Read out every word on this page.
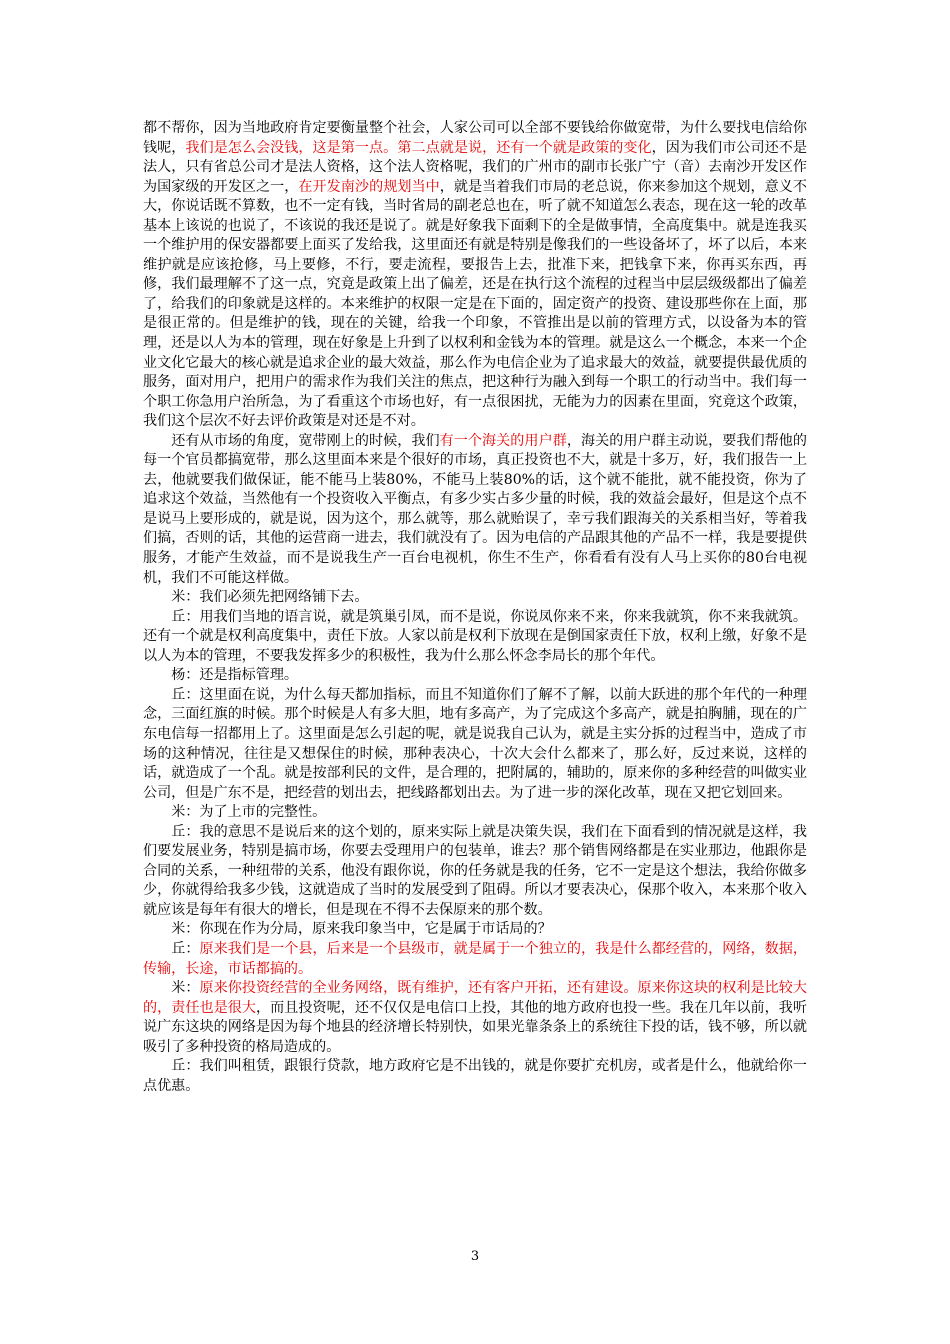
都不帮你，因为当地政府肯定要衡量整个社会，人家公司可以全部不要钱给你做宽带，为什么要找电信给你钱呢，我们是怎么会没钱，这是第一点。第二点就是说，还有一个就是政策的变化，因为我们市公司还不是法人，只有省总公司才是法人资格，这个法人资格呢，我们的广州市的副市长张广宁（音）去南沙开发区作为国家级的开发区之一，在开发南沙的规划当中，就是当着我们市局的老总说，你来参加这个规划，意义不大，你说话既不算数，也不一定有钱，当时省局的副老总也在，听了就不知道怎么表态，现在这一轮的改革基本上该说的也说了，不该说的我还是说了。就是好象我下面剩下的全是做事情，全高度集中。就是连我买一个维护用的保安器都要上面买了发给我，这里面还有就是特别是像我们的一些设备坏了，坏了以后，本来维护就是应该抢修，马上要修，不行，要走流程，要报告上去，批准下来，把钱拿下来，你再买东西，再修，我们最理解不了这一点，究竟是政策上出了偏差，还是在执行这个流程的过程当中层层级级都出了偏差了，给我们的印象就是这样的。本来维护的权限一定是在下面的，固定资产的投资、建设那些你在上面，那是很正常的。但是维护的钱，现在的关键，给我一个印象，不管推出是以前的管理方式，以设备为本的管理，还是以人为本的管理，现在好象是上升到了以权利和金钱为本的管理。就是这么一个概念，本来一个企业文化它最大的核心就是追求企业的最大效益，那么作为电信企业为了追求最大的效益，就要提供最优质的服务，面对用户，把用户的需求作为我们关注的焦点，把这种行为融入到每一个职工的行动当中。我们每一个职工你急用户治所急，为了看重这个市场也好，有一点很困扰，无能为力的因素在里面，究竟这个政策，我们这个层次不好去评价政策是对还是不对。

还有从市场的角度，宽带刚上的时候，我们有一个海关的用户群，海关的用户群主动说，要我们帮他的每一个官员都搞宽带，那么这里面本来是个很好的市场，真正投资也不大，就是十多万，好，我们报告一上去，他就要我们做保证，能不能马上装80%，不能马上装80%的话，这个就不能批，就不能投资，你为了追求这个效益，当然他有一个投资收入平衡点，有多少实占多少量的时候，我的效益会最好，但是这个点不是说马上要形成的，就是说，因为这个，那么就等，那么就贻误了，幸亏我们跟海关的关系相当好，等着我们搞，否则的话，其他的运营商一进去，我们就没有了。因为电信的产品跟其他的产品不一样，我是要提供服务，才能产生效益，而不是说我生产一百台电视机，你生不生产，你看看有没有人马上买你的80台电视机，我们不可能这样做。

米：我们必须先把网络铺下去。

丘：用我们当地的语言说，就是筑巢引凤，而不是说，你说凤你来不来，你来我就筑，你不来我就筑。还有一个就是权利高度集中，责任下放。人家以前是权利下放现在是倒国家责任下放，权利上缴，好象不是以人为本的管理，不要我发挥多少的积极性，我为什么那么怀念李局长的那个年代。

杨：还是指标管理。

丘：这里面在说，为什么每天都加指标，而且不知道你们了解不了解，以前大跃进的那个年代的一种理念，三面红旗的时候。那个时候是人有多大胆，地有多高产，为了完成这个多高产，就是拍胸脯，现在的广东电信每一招都用上了。这里面是怎么引起的呢，就是说我自己认为，就是主实分拆的过程当中，造成了市场的这种情况，往往是又想保住的时候，那种表决心，十次大会什么都来了，那么好，反过来说，这样的话，就造成了一个乱。就是按部利民的文件，是合理的，把附属的，辅助的，原来你的多种经营的叫做实业公司，但是广东不是，把经营的划出去，把线路都划出去。为了进一步的深化改革，现在又把它划回来。

米：为了上市的完整性。

丘：我的意思不是说后来的这个划的，原来实际上就是决策失误，我们在下面看到的情况就是这样，我们要发展业务，特别是搞市场，你要去受理用户的包装单，谁去？那个销售网络都是在实业那边，他跟你是合同的关系，一种纽带的关系，他没有跟你说，你的任务就是我的任务，它不一定是这个想法，我给你做多少，你就得给我多少钱，这就造成了当时的发展受到了阻碍。所以才要表决心，保那个收入，本来那个收入就应该是每年有很大的增长，但是现在不得不去保原来的那个数。

米：你现在作为分局，原来我印象当中，它是属于市话局的？

丘：原来我们是一个县，后来是一个县级市，就是属于一个独立的，我是什么都经营的，网络，数据，传输，长途，市话都搞的。

米：原来你投资经营的全业务网络，既有维护，还有客户开拓，还有建设。原来你这块的权利是比较大的，责任也是很大，而且投资呢，还不仅仅是电信口上投，其他的地方政府也投一些。我在几年以前，我听说广东这块的网络是因为每个地县的经济增长特别快，如果光靠条条上的系统往下投的话，钱不够，所以就吸引了多种投资的格局造成的。

丘：我们叫租赁，跟银行贷款，地方政府它是不出钱的，就是你要扩充机房，或者是什么，他就给你一点优惠。

3
